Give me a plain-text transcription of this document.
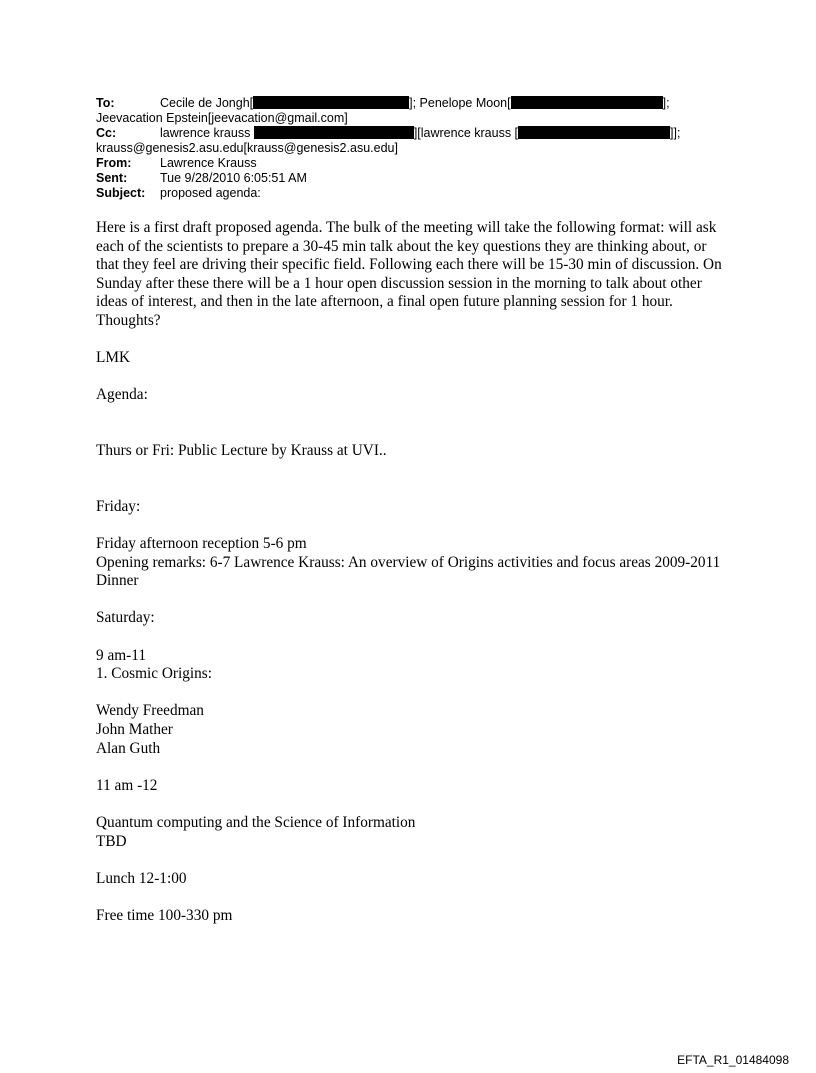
To:	Cecile de Jongh[	]; Penelope Moon[	];
Jeevacation Epstein[jeevacation@gmail.com]
Cc:	lawrence krauss	][lawrence krauss [	]];
krauss@genesis2.asu.edu[krauss@genesis2.asu.edu]
From: Lawrence Krauss
Sent:	Tue 9/28/2010 6:05:51 AM
Subject: proposed agenda:

Here is a first draft proposed agenda. The bulk of the meeting will take the following format: will ask each of the scientists to prepare a 30-45 min talk about the key questions they are thinking about, or that they feel are driving their specific field. Following each there will be 15-30 min of discussion. On Sunday after these there will be a 1 hour open discussion session in the morning to talk about other ideas of interest, and then in the late afternoon, a final open future planning session for 1 hour.

Thoughts?

LMK

Agenda:

Thurs or Fri: Public Lecture by Krauss at UVI..

Friday:

Friday afternoon reception 5-6 pm

Opening remarks: 6-7 Lawrence Krauss: An overview of Origins activities and focus areas 2009-2011

Dinner

Saturday:

9 am-11

1. Cosmic Origins:

Wendy Freedman

John Mather

Alan Guth

11 am -12

Quantum computing and the Science of Information

TBD

Lunch 12-1:00

Free time 100-330 pm

EFTA_R1_01484098
